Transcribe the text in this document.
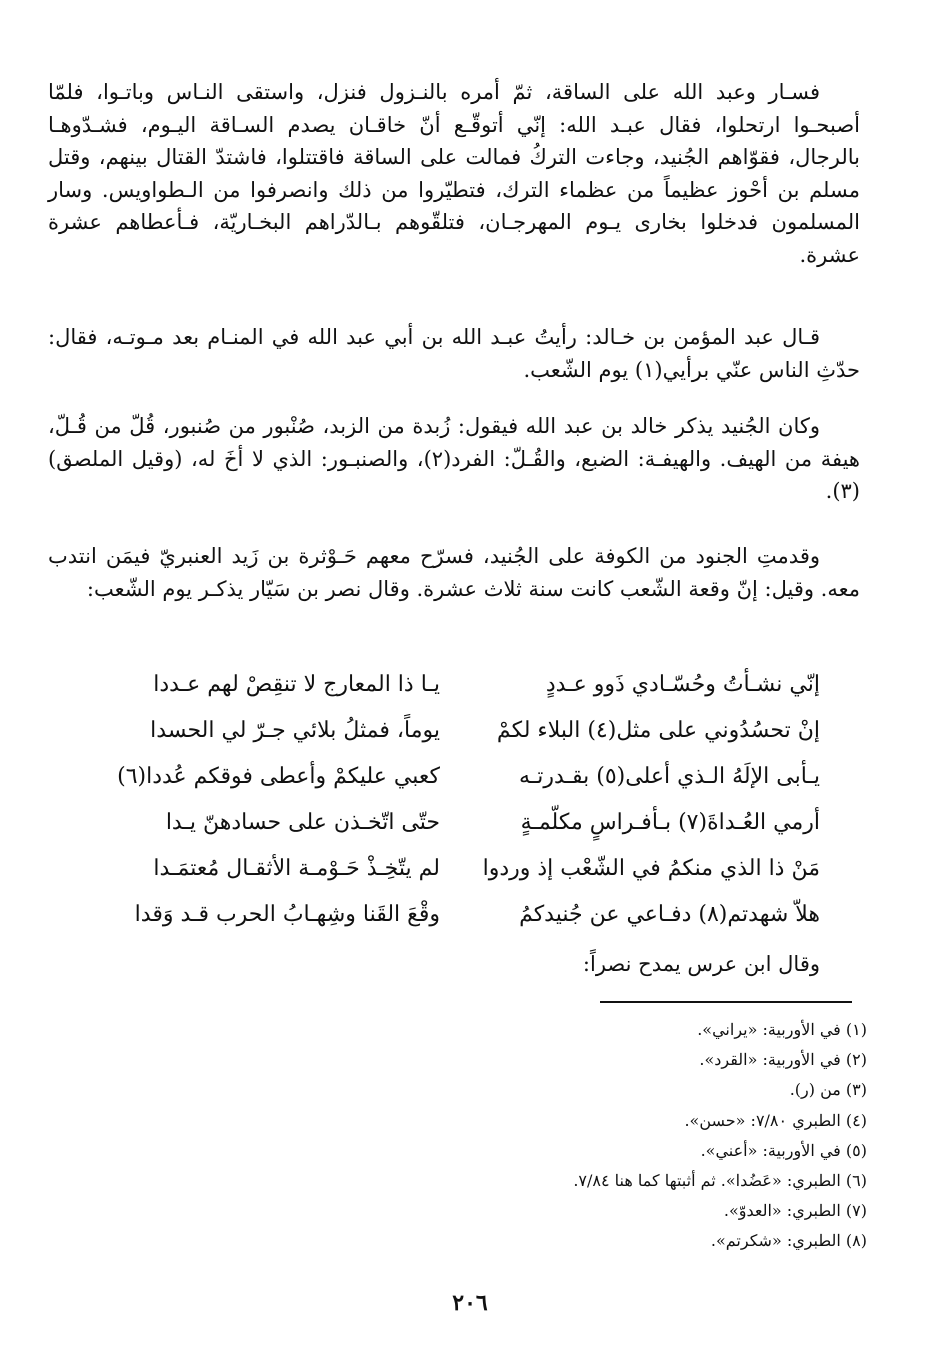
فسـار وعبد الله على الساقة، ثمّ أمره بالنـزول فنزل، واستقى النـاس وباتـوا، فلمّا أصبحـوا ارتحلوا، فقال عبـد الله: إنّي أتوقّـع أنّ خاقـان يصدم السـاقة اليـوم، فشـدّوهـا بالرجال، فقوّاهم الجُنيد، وجاءت التركُ فمالت على الساقة فاقتتلوا، فاشتدّ القتال بينهم، وقتل مسلم بن أحْوز عظيماً من عظماء الترك، فتطيّروا من ذلك وانصرفوا من الـطواويس. وسار المسلمون فدخلوا بخارى يـوم المهرجـان، فتلقّوهم بـالدّراهم البخـاريّة، فـأعطاهم عشرة عشرة.

قـال عبد المؤمن بن خـالد: رأيتُ عبـد الله بن أبي عبد الله في المنـام بعد مـوتـه، فقال: حدّثِ الناس عنّي برأيي(١) يوم الشّعب.

وكان الجُنيد يذكر خالد بن عبد الله فيقول: زُبدة من الزبد، صُنْبور من صُنبور، قُلّ من قُـلّ، هيفة من الهيف. والهيفـة: الضبع، والقُـلّ: الفرد(٢)، والصنبـور: الذي لا أخَ له، (وقيل الملصق)(٣).

وقدمتِ الجنود من الكوفة على الجُنيد، فسرّح معهم حَـوْثرة بن زَيد العنبريّ فيمَن انتدب معه. وقيل: إنّ وقعة الشّعب كانت سنة ثلاث عشرة. وقال نصر بن سَيّار يذكـر يوم الشّعب:

إنّي نشـأتُ وحُسّـادي ذَوو عـددٍ
يـا ذا المعارج لا تنقِصْ لهم عـددا
إنْ تحسُدُوني على مثل(٤) البلاء لكمْ
يوماً، فمثلُ بلائي جـرّ لي الحسدا
يـأبى الإلَهُ الـذي أعلى(٥) بقـدرتـه
كعبي عليكمْ وأعطى فوقكم عُددا(٦)
أرمي العُـداةَ(٧) بـأفـراسٍ مكلّمـةٍ
حتّى اتّخـذن على حسادهنّ يـدا
مَنْ ذا الذي منكمُ في الشّعْب إذ وردوا
لم يتّخِـذْ حَـوْمـة الأثقـال مُعتمَـدا
هلاّ شهدتم(٨) دفـاعي عن جُنيدكمُ
وقْعَ القَنا وشِهـابُ الحرب قـد وَقدا
وقال ابن عرس يمدح نصراً:
(١) في الأوربية: «يراني».
(٢) في الأوربية: «القرد».
(٣) من (ر).
(٤) الطبري ٧/٨٠: «حسن».
(٥) في الأوربية: «أعني».
(٦) الطبري: «عَضُدا». ثم أثبتها كما هنا ٧/٨٤.
(٧) الطبري: «العدوّ».
(٨) الطبري: «شكرتم».
٢٠٦
